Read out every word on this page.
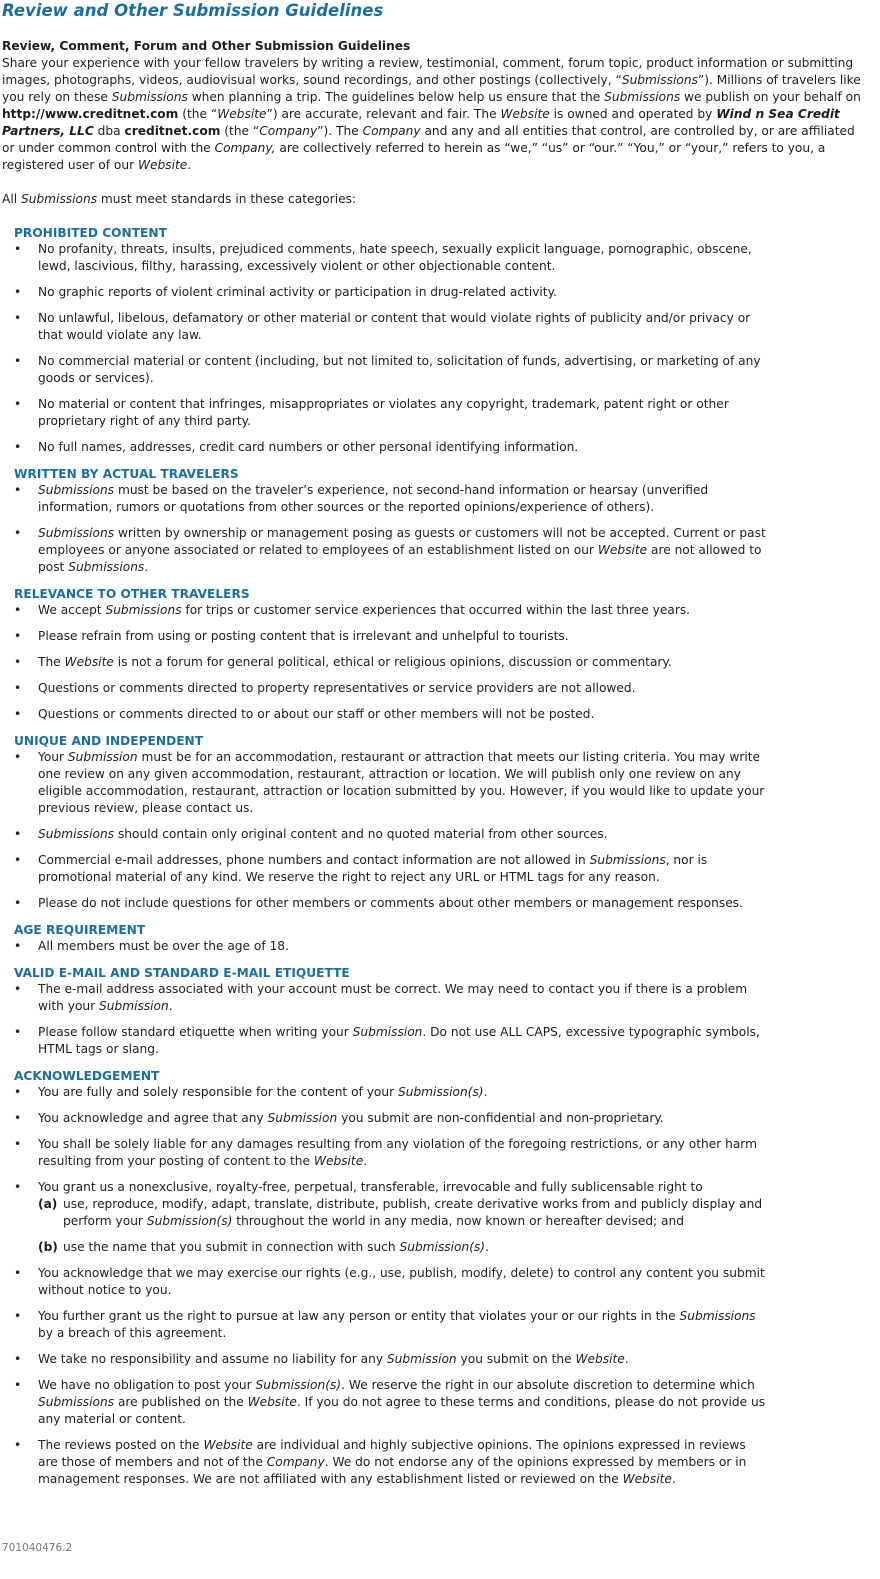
Review and Other Submission Guidelines

Review, Comment, Forum and Other Submission Guidelines

Share your experience with your fellow travelers by writing a review, testimonial, comment, forum topic, product information or submitting images, photographs, videos, audiovisual works, sound recordings, and other postings (collectively, “Submissions”). Millions of travelers like you rely on these Submissions when planning a trip. The guidelines below help us ensure that the Submissions we publish on your behalf on http://www.creditnet.com (the “Website”) are accurate, relevant and fair. The Website is owned and operated by Wind n Sea Credit Partners, LLC dba creditnet.com (the “Company”). The Company and any and all entities that control, are controlled by, or are affiliated or under common control with the Company, are collectively referred to herein as “we,” “us” or “our.” “You,” or “your,” refers to you, a registered user of our Website.

All Submissions must meet standards in these categories:

PROHIBITED CONTENT

•	No profanity, threats, insults, prejudiced comments, hate speech, sexually explicit language, pornographic, obscene, lewd, lascivious, filthy, harassing, excessively violent or other objectionable content.
•	No graphic reports of violent criminal activity or participation in drug-related activity.
•	No unlawful, libelous, defamatory or other material or content that would violate rights of publicity and/or privacy or that would violate any law.
•	No commercial material or content (including, but not limited to, solicitation of funds, advertising, or marketing of any goods or services).
•	No material or content that infringes, misappropriates or violates any copyright, trademark, patent right or other proprietary right of any third party.
•	No full names, addresses, credit card numbers or other personal identifying information.

WRITTEN BY ACTUAL TRAVELERS

•	Submissions must be based on the traveler’s experience, not second-hand information or hearsay (unverified information, rumors or quotations from other sources or the reported opinions/experience of others).
•	Submissions written by ownership or management posing as guests or customers will not be accepted. Current or past employees or anyone associated or related to employees of an establishment listed on our Website are not allowed to post Submissions.

RELEVANCE TO OTHER TRAVELERS

•	We accept Submissions for trips or customer service experiences that occurred within the last three years.
•	Please refrain from using or posting content that is irrelevant and unhelpful to tourists.
•	The Website is not a forum for general political, ethical or religious opinions, discussion or commentary.
•	Questions or comments directed to property representatives or service providers are not allowed.
•	Questions or comments directed to or about our staff or other members will not be posted.

UNIQUE AND INDEPENDENT

•	Your Submission must be for an accommodation, restaurant or attraction that meets our listing criteria. You may write one review on any given accommodation, restaurant, attraction or location. We will publish only one review on any eligible accommodation, restaurant, attraction or location submitted by you. However, if you would like to update your previous review, please contact us.
•	Submissions should contain only original content and no quoted material from other sources.
•	Commercial e-mail addresses, phone numbers and contact information are not allowed in Submissions, nor is promotional material of any kind. We reserve the right to reject any URL or HTML tags for any reason.
•	Please do not include questions for other members or comments about other members or management responses.

AGE REQUIREMENT

•	All members must be over the age of 18.

VALID E-MAIL AND STANDARD E-MAIL ETIQUETTE

•	The e-mail address associated with your account must be correct. We may need to contact you if there is a problem with your Submission.
•	Please follow standard etiquette when writing your Submission. Do not use ALL CAPS, excessive typographic symbols, HTML tags or slang.

ACKNOWLEDGEMENT

•	You are fully and solely responsible for the content of your Submission(s).
•	You acknowledge and agree that any Submission you submit are non-confidential and non-proprietary.
•	You shall be solely liable for any damages resulting from any violation of the foregoing restrictions, or any other harm resulting from your posting of content to the Website.
•	You grant us a nonexclusive, royalty-free, perpetual, transferable, irrevocable and fully sublicensable right to
(a) use, reproduce, modify, adapt, translate, distribute, publish, create derivative works from and publicly display and perform your Submission(s) throughout the world in any media, now known or hereafter devised; and
(b) use the name that you submit in connection with such Submission(s).
•	You acknowledge that we may exercise our rights (e.g., use, publish, modify, delete) to control any content you submit without notice to you.
•	You further grant us the right to pursue at law any person or entity that violates your or our rights in the Submissions by a breach of this agreement.
•	We take no responsibility and assume no liability for any Submission you submit on the Website.
•	We have no obligation to post your Submission(s). We reserve the right in our absolute discretion to determine which Submissions are published on the Website. If you do not agree to these terms and conditions, please do not provide us any material or content.
•	The reviews posted on the Website are individual and highly subjective opinions. The opinions expressed in reviews are those of members and not of the Company. We do not endorse any of the opinions expressed by members or in management responses. We are not affiliated with any establishment listed or reviewed on the Website.
701040476.2
